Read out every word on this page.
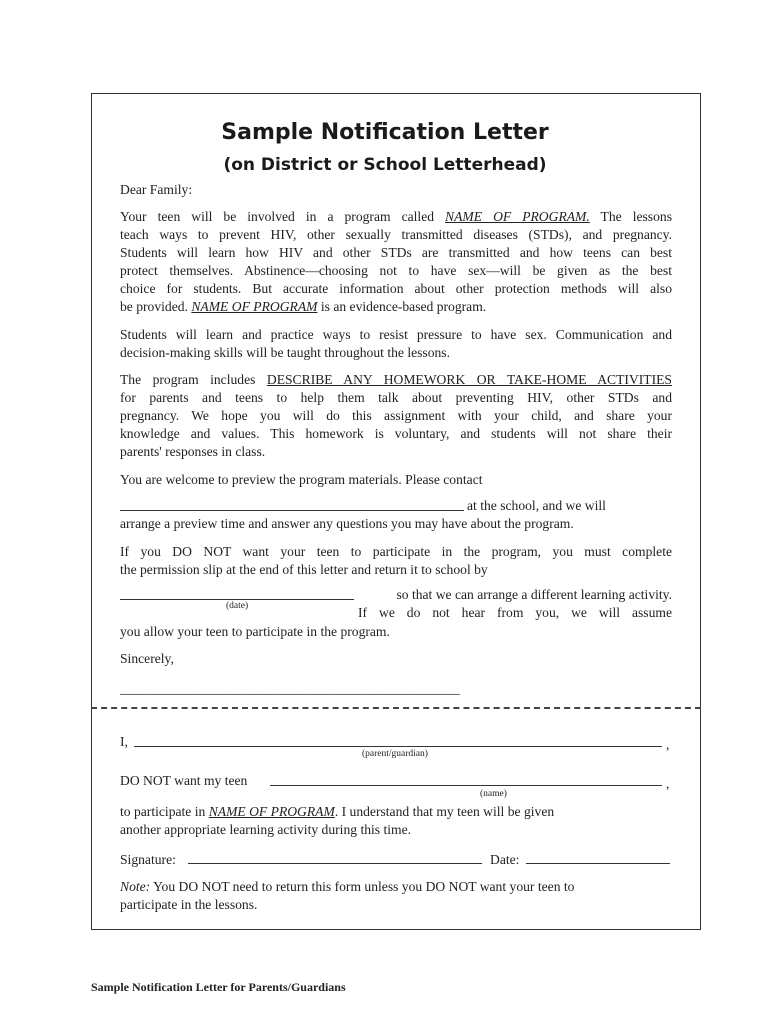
Sample Notification Letter
(on District or School Letterhead)

Dear Family:

Your teen will be involved in a program called NAME OF PROGRAM. The lessons

teach ways to prevent HIV, other sexually transmitted diseases (STDs), and pregnancy.

Students will learn how HIV and other STDs are transmitted and how teens can best

protect themselves. Abstinence—choosing not to have sex—will be given as the best

choice for students. But accurate information about other protection methods will also

be provided. NAME OF PROGRAM is an evidence-based program.

Students will learn and practice ways to resist pressure to have sex. Communication and

decision-making skills will be taught throughout the lessons.

The program includes DESCRIBE ANY HOMEWORK OR TAKE-HOME ACTIVITIES

for parents and teens to help them talk about preventing HIV, other STDs and

pregnancy. We hope you will do this assignment with your child, and share your

knowledge and values. This homework is voluntary, and students will not share their

parents' responses in class.

You are welcome to preview the program materials. Please contact

at the school, and we will

arrange a preview time and answer any questions you may have about the program.

If you DO NOT want your teen to participate in the program, you must complete

the permission slip at the end of this letter and return it to school by

so that we can arrange a different learning activity.

(date)	If we do not hear from you, we will assume

you allow your teen to participate in the program.

Sincerely,

__________________________________________________

I,	,
(parent/guardian)

DO NOT want my teen	,
(name)

to participate in NAME OF PROGRAM. I understand that my teen will be given

another appropriate learning activity during this time.

Signature:	Date:

Note: You DO NOT need to return this form unless you DO NOT want your teen to

participate in the lessons.

Sample Notification Letter for Parents/Guardians
